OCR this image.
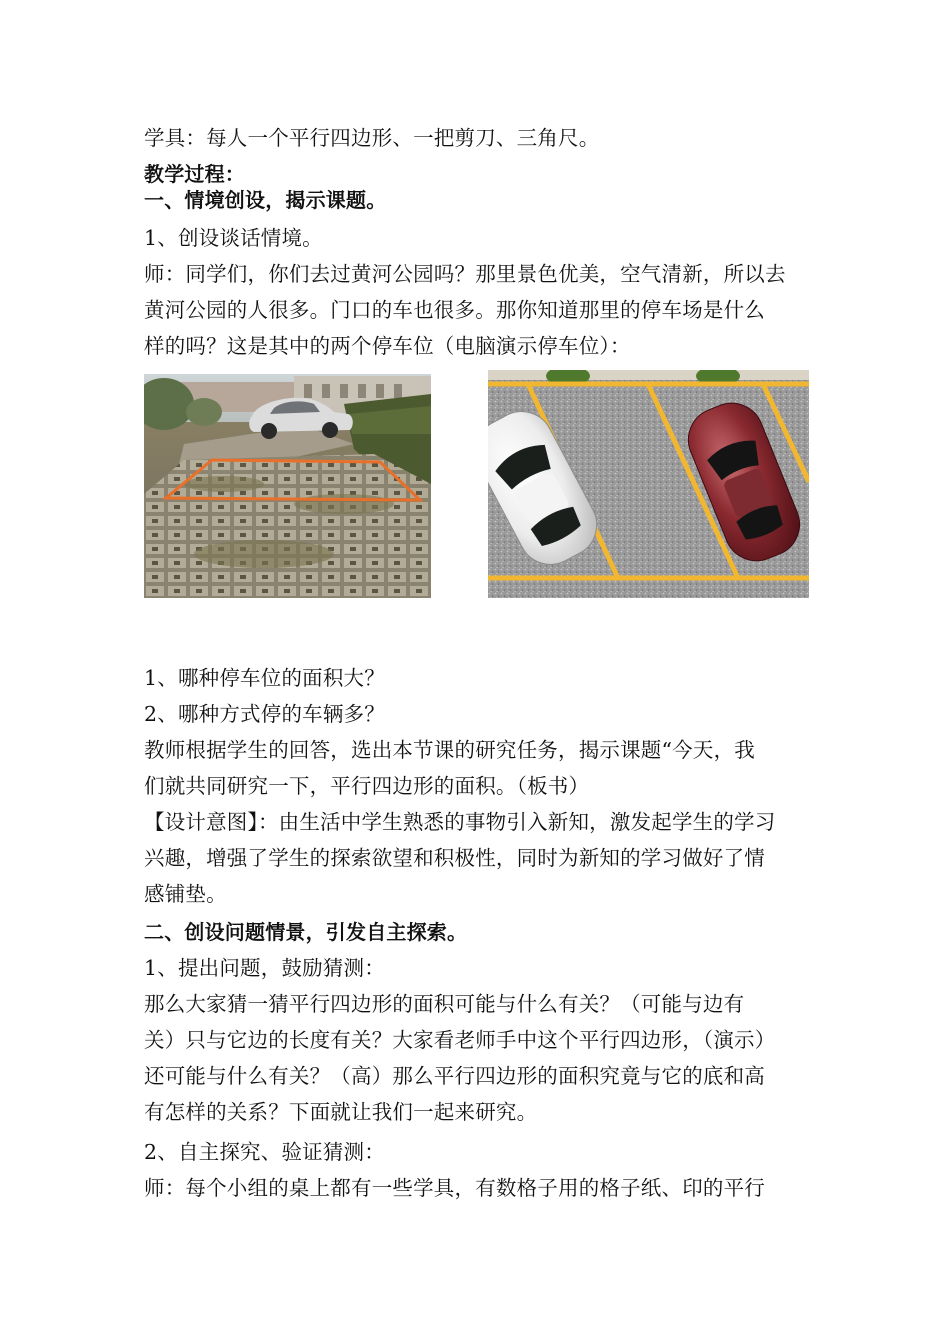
学具：每人一个平行四边形、一把剪刀、三角尺。
教学过程：
一、情境创设，揭示课题。
1、创设谈话情境。
师：同学们，你们去过黄河公园吗？那里景色优美，空气清新，所以去
黄河公园的人很多。门口的车也很多。那你知道那里的停车场是什么
样的吗？这是其中的两个停车位（电脑演示停车位）：
1、哪种停车位的面积大？
2、哪种方式停的车辆多？
教师根据学生的回答，选出本节课的研究任务，揭示课题“今天，我
们就共同研究一下，平行四边形的面积。（板书）
【设计意图】：由生活中学生熟悉的事物引入新知，激发起学生的学习
兴趣，增强了学生的探索欲望和积极性，同时为新知的学习做好了情
感铺垫。
二、创设问题情景，引发自主探索。
1、提出问题，鼓励猜测：
那么大家猜一猜平行四边形的面积可能与什么有关？（可能与边有
关）只与它边的长度有关？大家看老师手中这个平行四边形，（演示）
还可能与什么有关？（高）那么平行四边形的面积究竟与它的底和高
有怎样的关系？下面就让我们一起来研究。
2、自主探究、验证猜测：
师：每个小组的桌上都有一些学具，有数格子用的格子纸、印的平行
